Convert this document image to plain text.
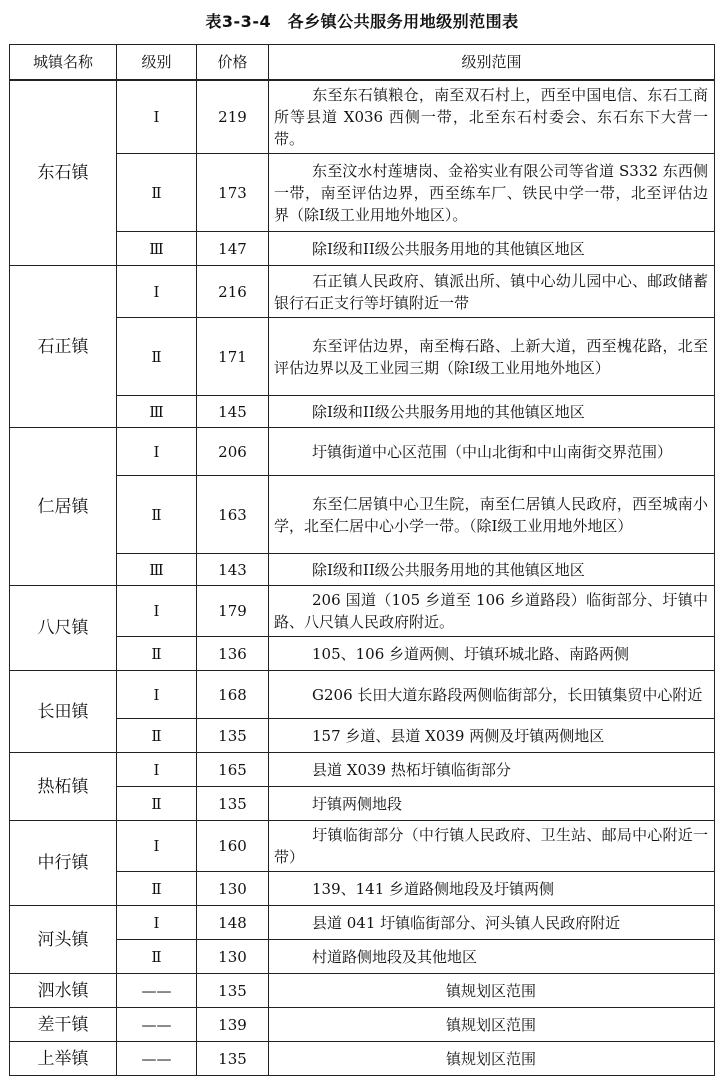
表3-3-4　各乡镇公共服务用地级别范围表
城镇名称	级别	价格	级别范围
东石镇	Ⅰ	219	东至东石镇粮仓，南至双石村上，西至中国电信、东石工商所等县道 X036 西侧一带，北至东石村委会、东石东下大营一带。
	Ⅱ	173	东至汶水村莲塘岗、金裕实业有限公司等省道 S332 东西侧一带，南至评估边界，西至练车厂、铁民中学一带，北至评估边界（除I级工业用地外地区）。
	Ⅲ	147	除I级和II级公共服务用地的其他镇区地区
石正镇	Ⅰ	216	石正镇人民政府、镇派出所、镇中心幼儿园中心、邮政储蓄银行石正支行等圩镇附近一带
	Ⅱ	171	东至评估边界，南至梅石路、上新大道，西至槐花路，北至评估边界以及工业园三期（除I级工业用地外地区）
	Ⅲ	145	除I级和II级公共服务用地的其他镇区地区
仁居镇	Ⅰ	206	圩镇街道中心区范围（中山北街和中山南街交界范围）
	Ⅱ	163	东至仁居镇中心卫生院，南至仁居镇人民政府，西至城南小学，北至仁居中心小学一带。（除I级工业用地外地区）
	Ⅲ	143	除I级和II级公共服务用地的其他镇区地区
八尺镇	Ⅰ	179	206 国道（105 乡道至 106 乡道路段）临街部分、圩镇中路、八尺镇人民政府附近。
	Ⅱ	136	105、106 乡道两侧、圩镇环城北路、南路两侧
长田镇	Ⅰ	168	G206 长田大道东路段两侧临街部分，长田镇集贸中心附近
	Ⅱ	135	157 乡道、县道 X039 两侧及圩镇两侧地区
热柘镇	Ⅰ	165	县道 X039 热柘圩镇临街部分
	Ⅱ	135	圩镇两侧地段
中行镇	Ⅰ	160	圩镇临街部分（中行镇人民政府、卫生站、邮局中心附近一带）
	Ⅱ	130	139、141 乡道路侧地段及圩镇两侧
河头镇	Ⅰ	148	县道 041 圩镇临街部分、河头镇人民政府附近
	Ⅱ	130	村道路侧地段及其他地区
泗水镇	——	135	镇规划区范围
差干镇	——	139	镇规划区范围
上举镇	——	135	镇规划区范围
